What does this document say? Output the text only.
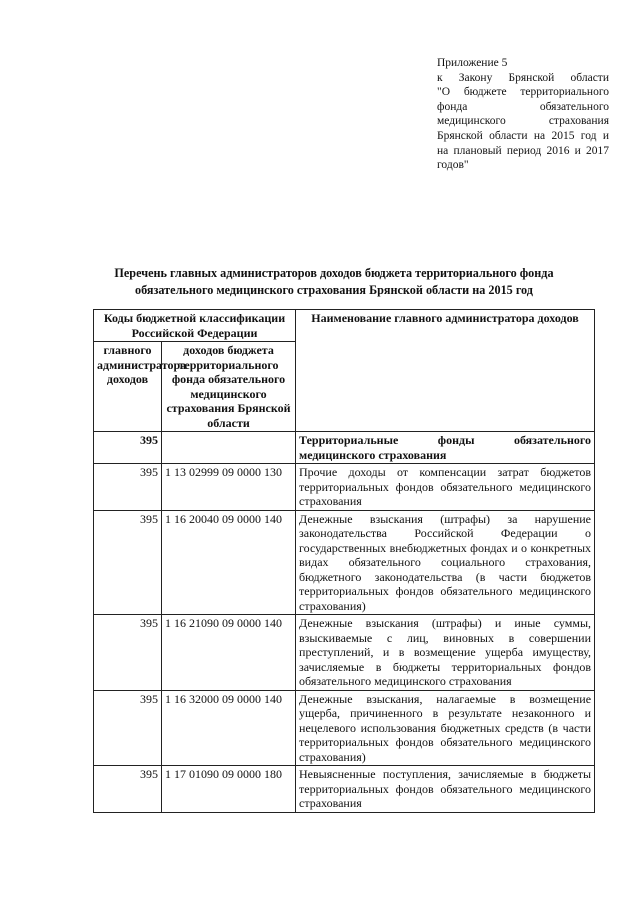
Приложение 5
к Закону Брянской области
"О бюджете территориального
фонда обязательного
медицинского страхования
Брянской области на 2015 год и
на плановый период 2016 и 2017
годов"
Перечень главных администраторов доходов бюджета территориального фонда
обязательного медицинского страхования Брянской области на 2015 год
Коды бюджетной классификации Российской Федерации		Наименование главного администратора доходов
главного администратора доходов	доходов бюджета территориального фонда обязательного медицинского страхования Брянской области	
395		Территориальные фонды обязательного медицинского страхования
395	1 13 02999 09 0000 130	Прочие доходы от компенсации затрат бюджетов территориальных фондов обязательного медицинского страхования
395	1 16 20040 09 0000 140	Денежные взыскания (штрафы) за нарушение законодательства Российской Федерации о государственных внебюджетных фондах и о конкретных видах обязательного социального страхования, бюджетного законодательства (в части бюджетов территориальных фондов обязательного медицинского страхования)
395	1 16 21090 09 0000 140	Денежные взыскания (штрафы) и иные суммы, взыскиваемые с лиц, виновных в совершении преступлений, и в возмещение ущерба имуществу, зачисляемые в бюджеты территориальных фондов обязательного медицинского страхования
395	1 16 32000 09 0000 140	Денежные взыскания, налагаемые в возмещение ущерба, причиненного в результате незаконного и нецелевого использования бюджетных средств (в части территориальных фондов обязательного медицинского страхования)
395	1 17 01090 09 0000 180	Невыясненные поступления, зачисляемые в бюджеты территориальных фондов обязательного медицинского страхования
